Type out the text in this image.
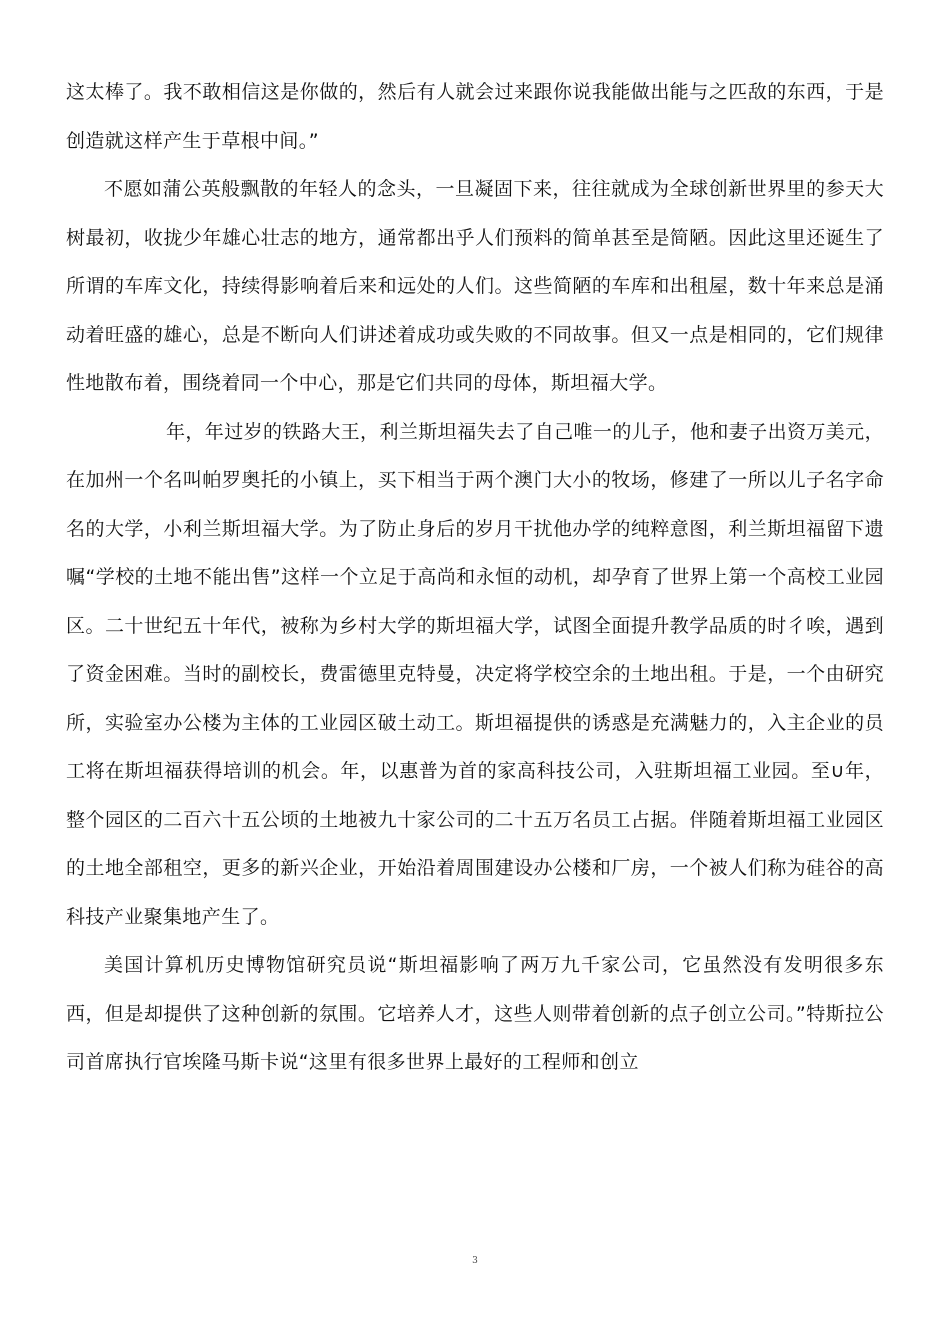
这太棒了。我不敢相信这是你做的，然后有人就会过来跟你说我能做出能与之匹敌的东西，于是创造就这样产生于草根中间。”

不愿如蒲公英般飘散的年轻人的念头，一旦凝固下来，往往就成为全球创新世界里的参天大树最初，收拢少年雄心壮志的地方，通常都出乎人们预料的简单甚至是简陋。因此这里还诞生了所谓的车库文化，持续得影响着后来和远处的人们。这些简陋的车库和出租屋，数十年来总是涌动着旺盛的雄心，总是不断向人们讲述着成功或失败的不同故事。但又一点是相同的，它们规律性地散布着，围绕着同一个中心，那是它们共同的母体，斯坦福大学。

年，年过岁的铁路大王，利兰斯坦福失去了自己唯一的儿子，他和妻子出资万美元，在加州一个名叫帕罗奥托的小镇上，买下相当于两个澳门大小的牧场，修建了一所以儿子名字命名的大学，小利兰斯坦福大学。为了防止身后的岁月干扰他办学的纯粹意图，利兰斯坦福留下遗嘱“学校的土地不能出售”这样一个立足于高尚和永恒的动机，却孕育了世界上第一个高校工业园区。二十世纪五十年代，被称为乡村大学的斯坦福大学，试图全面提升教学品质的时彳唉，遇到了资金困难。当时的副校长，费雷德里克特曼，决定将学校空余的土地出租。于是，一个由研究所，实验室办公楼为主体的工业园区破土动工。斯坦福提供的诱惑是充满魅力的，入主企业的员工将在斯坦福获得培训的机会。年，以惠普为首的家高科技公司，入驻斯坦福工业园。至∪年，整个园区的二百六十五公顷的土地被九十家公司的二十五万名员工占据。伴随着斯坦福工业园区的土地全部租空，更多的新兴企业，开始沿着周围建设办公楼和厂房，一个被人们称为硅谷的高科技产业聚集地产生了。

美国计算机历史博物馆研究员说“斯坦福影响了两万九千家公司，它虽然没有发明很多东西，但是却提供了这种创新的氛围。它培养人才，这些人则带着创新的点子创立公司。”特斯拉公司首席执行官埃隆马斯卡说“这里有很多世界上最好的工程师和创立

3
